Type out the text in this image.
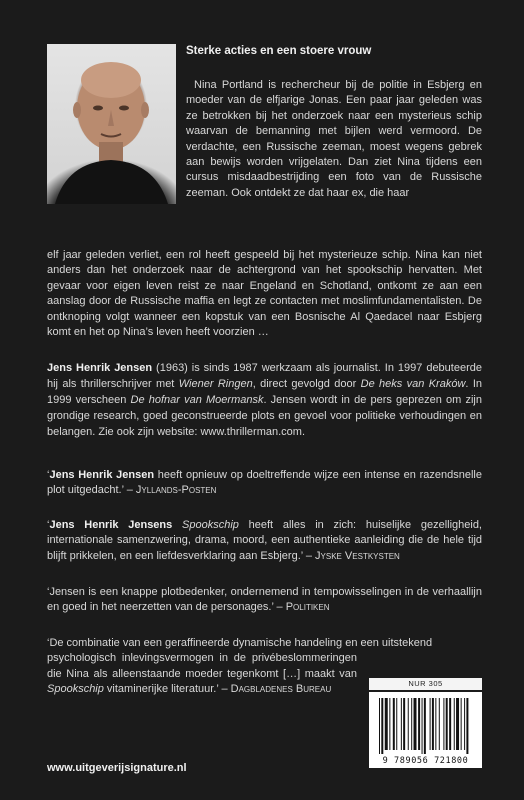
Sterke acties en een stoere vrouw

Nina Portland is rechercheur bij de politie in Esbjerg en moeder van de elfjarige Jonas. Een paar jaar geleden was ze betrokken bij het onderzoek naar een mysterieus schip waarvan de bemanning met bijlen werd vermoord. De verdachte, een Russische zeeman, moest wegens gebrek aan bewijs worden vrijgelaten. Dan ziet Nina tijdens een cursus misdaadbestrijding een foto van de Russische zeeman. Ook ontdekt ze dat haar ex, die haar

elf jaar geleden verliet, een rol heeft gespeeld bij het mysterieuze schip. Nina kan niet anders dan het onderzoek naar de achtergrond van het spookschip hervatten. Met gevaar voor eigen leven reist ze naar Engeland en Schotland, ontkomt ze aan een aanslag door de Russische maffia en legt ze contacten met moslimfundamentalisten. De ontknoping volgt wanneer een kopstuk van een Bosnische Al Qaedacel naar Esbjerg komt en het op Nina’s leven heeft voorzien …

Jens Henrik Jensen (1963) is sinds 1987 werkzaam als journalist. In 1997 debuteerde hij als thrillerschrijver met Wiener Ringen, direct gevolgd door De heks van Kraków. In 1999 verscheen De hofnar van Moermansk. Jensen wordt in de pers geprezen om zijn grondige research, goed geconstrueerde plots en gevoel voor politieke verhoudingen en belangen. Zie ook zijn website: www.thrillerman.com.

‘Jens Henrik Jensen heeft opnieuw op doeltreffende wijze een intense en razendsnelle plot uitgedacht.’ – Jyllands-Posten

‘Jens Henrik Jensens Spookschip heeft alles in zich: huiselijke gezelligheid, internationale samenzwering, drama, moord, een authentieke aanleiding die de hele tijd blijft prikkelen, en een liefdesverklaring aan Esbjerg.’ – Jyske Vestkysten

‘Jensen is een knappe plotbedenker, ondernemend in tempowisselingen in de verhaallijn en goed in het neerzetten van de personages.’ – Politiken

‘De combinatie van een geraffineerde dynamische handeling en een uitstekend
psychologisch inlevingsvermogen in de privébeslommeringen die Nina als alleenstaande moeder tegenkomt […] maakt van Spookschip vitaminerijke literatuur.’ – Dagbladenes Bureau	NUR 305
9 789056 721800

www.uitgeverijsignature.nl
